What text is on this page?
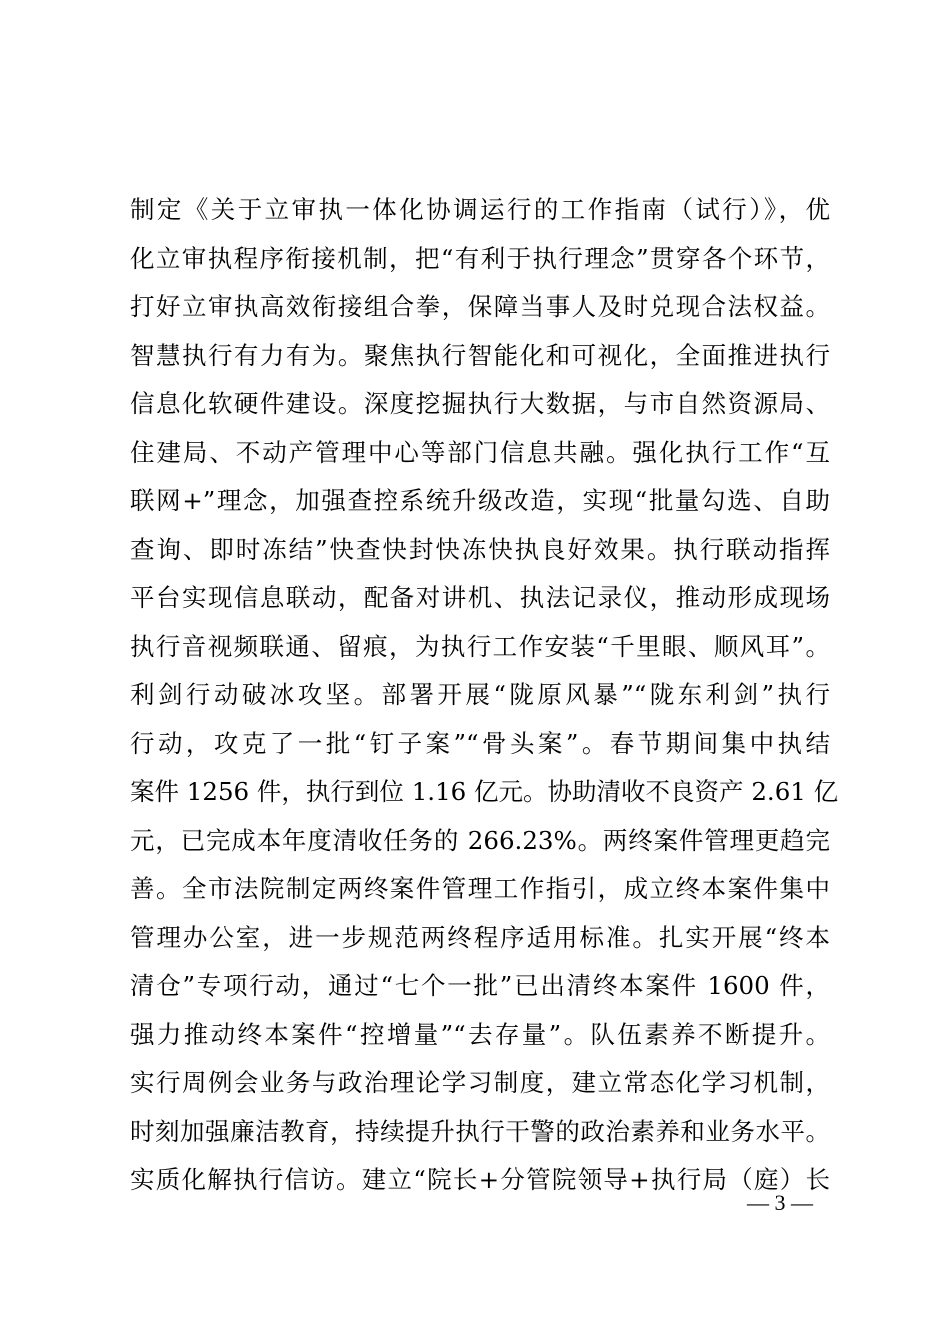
制定《关于立审执一体化协调运行的工作指南（试行）》，优
化立审执程序衔接机制，把“有利于执行理念”贯穿各个环节，
打好立审执高效衔接组合拳，保障当事人及时兑现合法权益。
智慧执行有力有为。聚焦执行智能化和可视化，全面推进执行
信息化软硬件建设。深度挖掘执行大数据，与市自然资源局、
住建局、不动产管理中心等部门信息共融。强化执行工作“互
联网+”理念，加强查控系统升级改造，实现“批量勾选、自助
查询、即时冻结”快查快封快冻快执良好效果。执行联动指挥
平台实现信息联动，配备对讲机、执法记录仪，推动形成现场
执行音视频联通、留痕，为执行工作安装“千里眼、顺风耳”。
利剑行动破冰攻坚。部署开展“陇原风暴”“陇东利剑”执行
行动，攻克了一批“钉子案”“骨头案”。春节期间集中执结
案件 1256 件，执行到位 1.16 亿元。协助清收不良资产 2.61 亿
元，已完成本年度清收任务的 266.23%。两终案件管理更趋完
善。全市法院制定两终案件管理工作指引，成立终本案件集中
管理办公室，进一步规范两终程序适用标准。扎实开展“终本
清仓”专项行动，通过“七个一批”已出清终本案件 1600 件，
强力推动终本案件“控增量”“去存量”。队伍素养不断提升。
实行周例会业务与政治理论学习制度，建立常态化学习机制，
时刻加强廉洁教育，持续提升执行干警的政治素养和业务水平。
实质化解执行信访。建立“院长+分管院领导+执行局（庭）长
— 3 —
